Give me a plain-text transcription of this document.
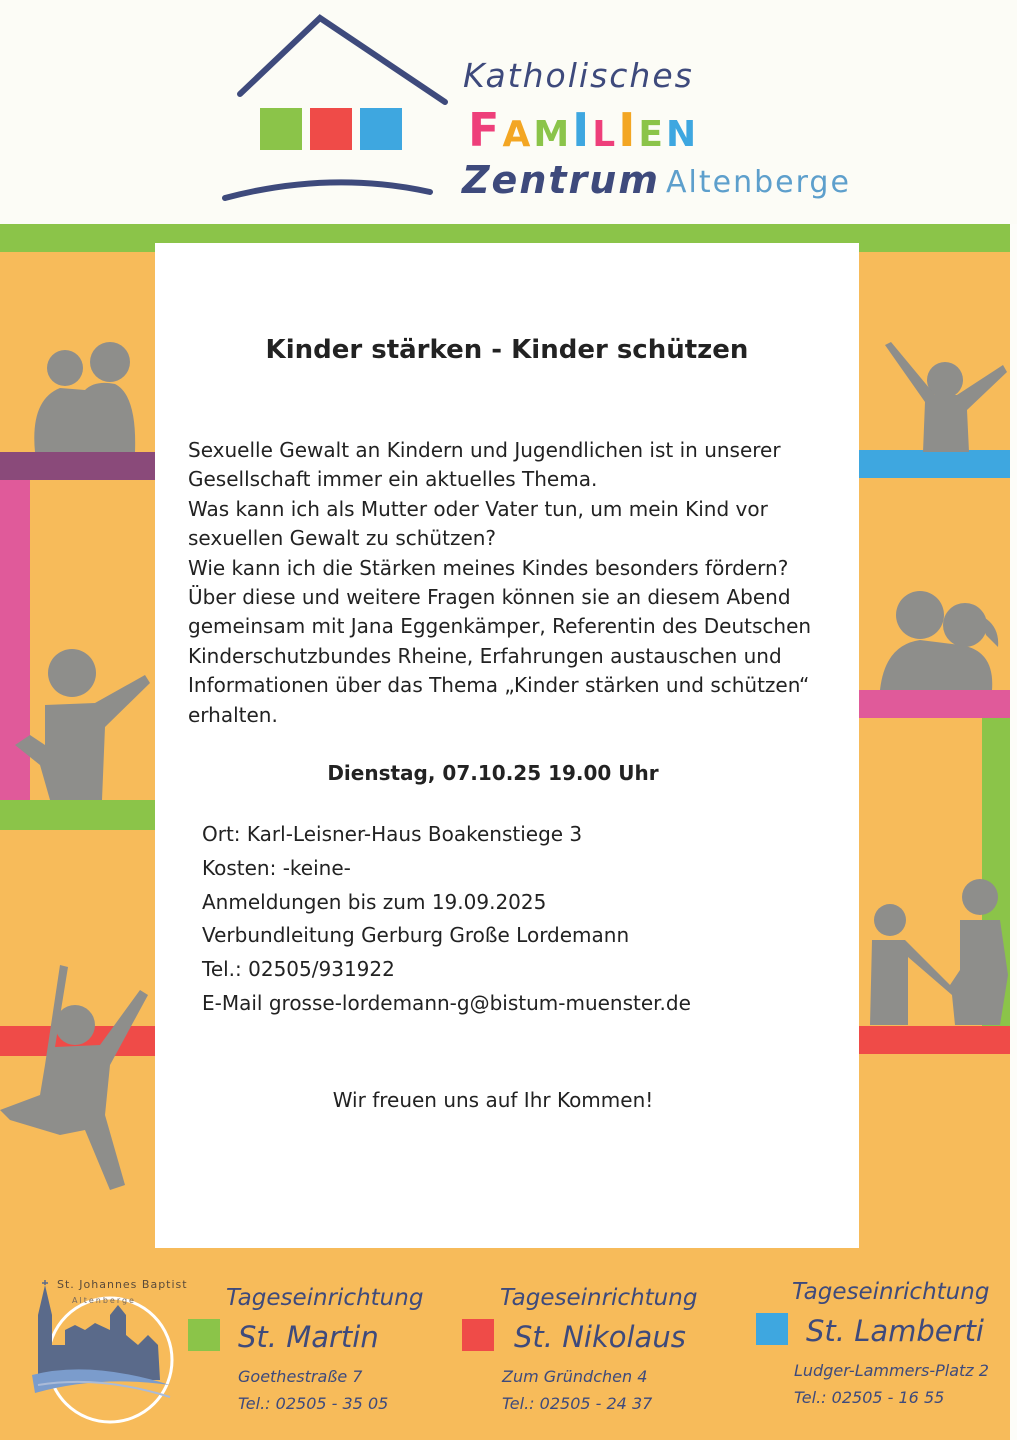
Katholisches
FAMILIEN
Zentrum Altenberge
Kinder stärken - Kinder schützen
Sexuelle Gewalt an Kindern und Jugendlichen ist in unserer
Gesellschaft immer ein aktuelles Thema.
Was kann ich als Mutter oder Vater tun, um mein Kind vor
sexuellen Gewalt zu schützen?
Wie kann ich die Stärken meines Kindes besonders fördern?
Über diese und weitere Fragen können sie an diesem Abend
gemeinsam mit Jana Eggenkämper, Referentin des Deutschen
Kinderschutzbundes Rheine, Erfahrungen austauschen und
Informationen über das Thema „Kinder stärken und schützen“
erhalten.
Dienstag, 07.10.25 19.00 Uhr
Ort: Karl-Leisner-Haus Boakenstiege 3
Kosten: -keine-
Anmeldungen bis zum 19.09.2025
Verbundleitung Gerburg Große Lordemann
Tel.: 02505/931922
E-Mail grosse-lordemann-g@bistum-muenster.de
Wir freuen uns auf Ihr Kommen!
St. Johannes Baptist
Altenberge	Tageseinrichtung
St. Martin
Goethestraße 7
Tel.: 02505 - 35 05
Tageseinrichtung
St. Nikolaus
Zum Gründchen 4
Tel.: 02505 - 24 37
Tageseinrichtung
St. Lamberti
Ludger-Lammers-Platz 2
Tel.: 02505 - 16 55
